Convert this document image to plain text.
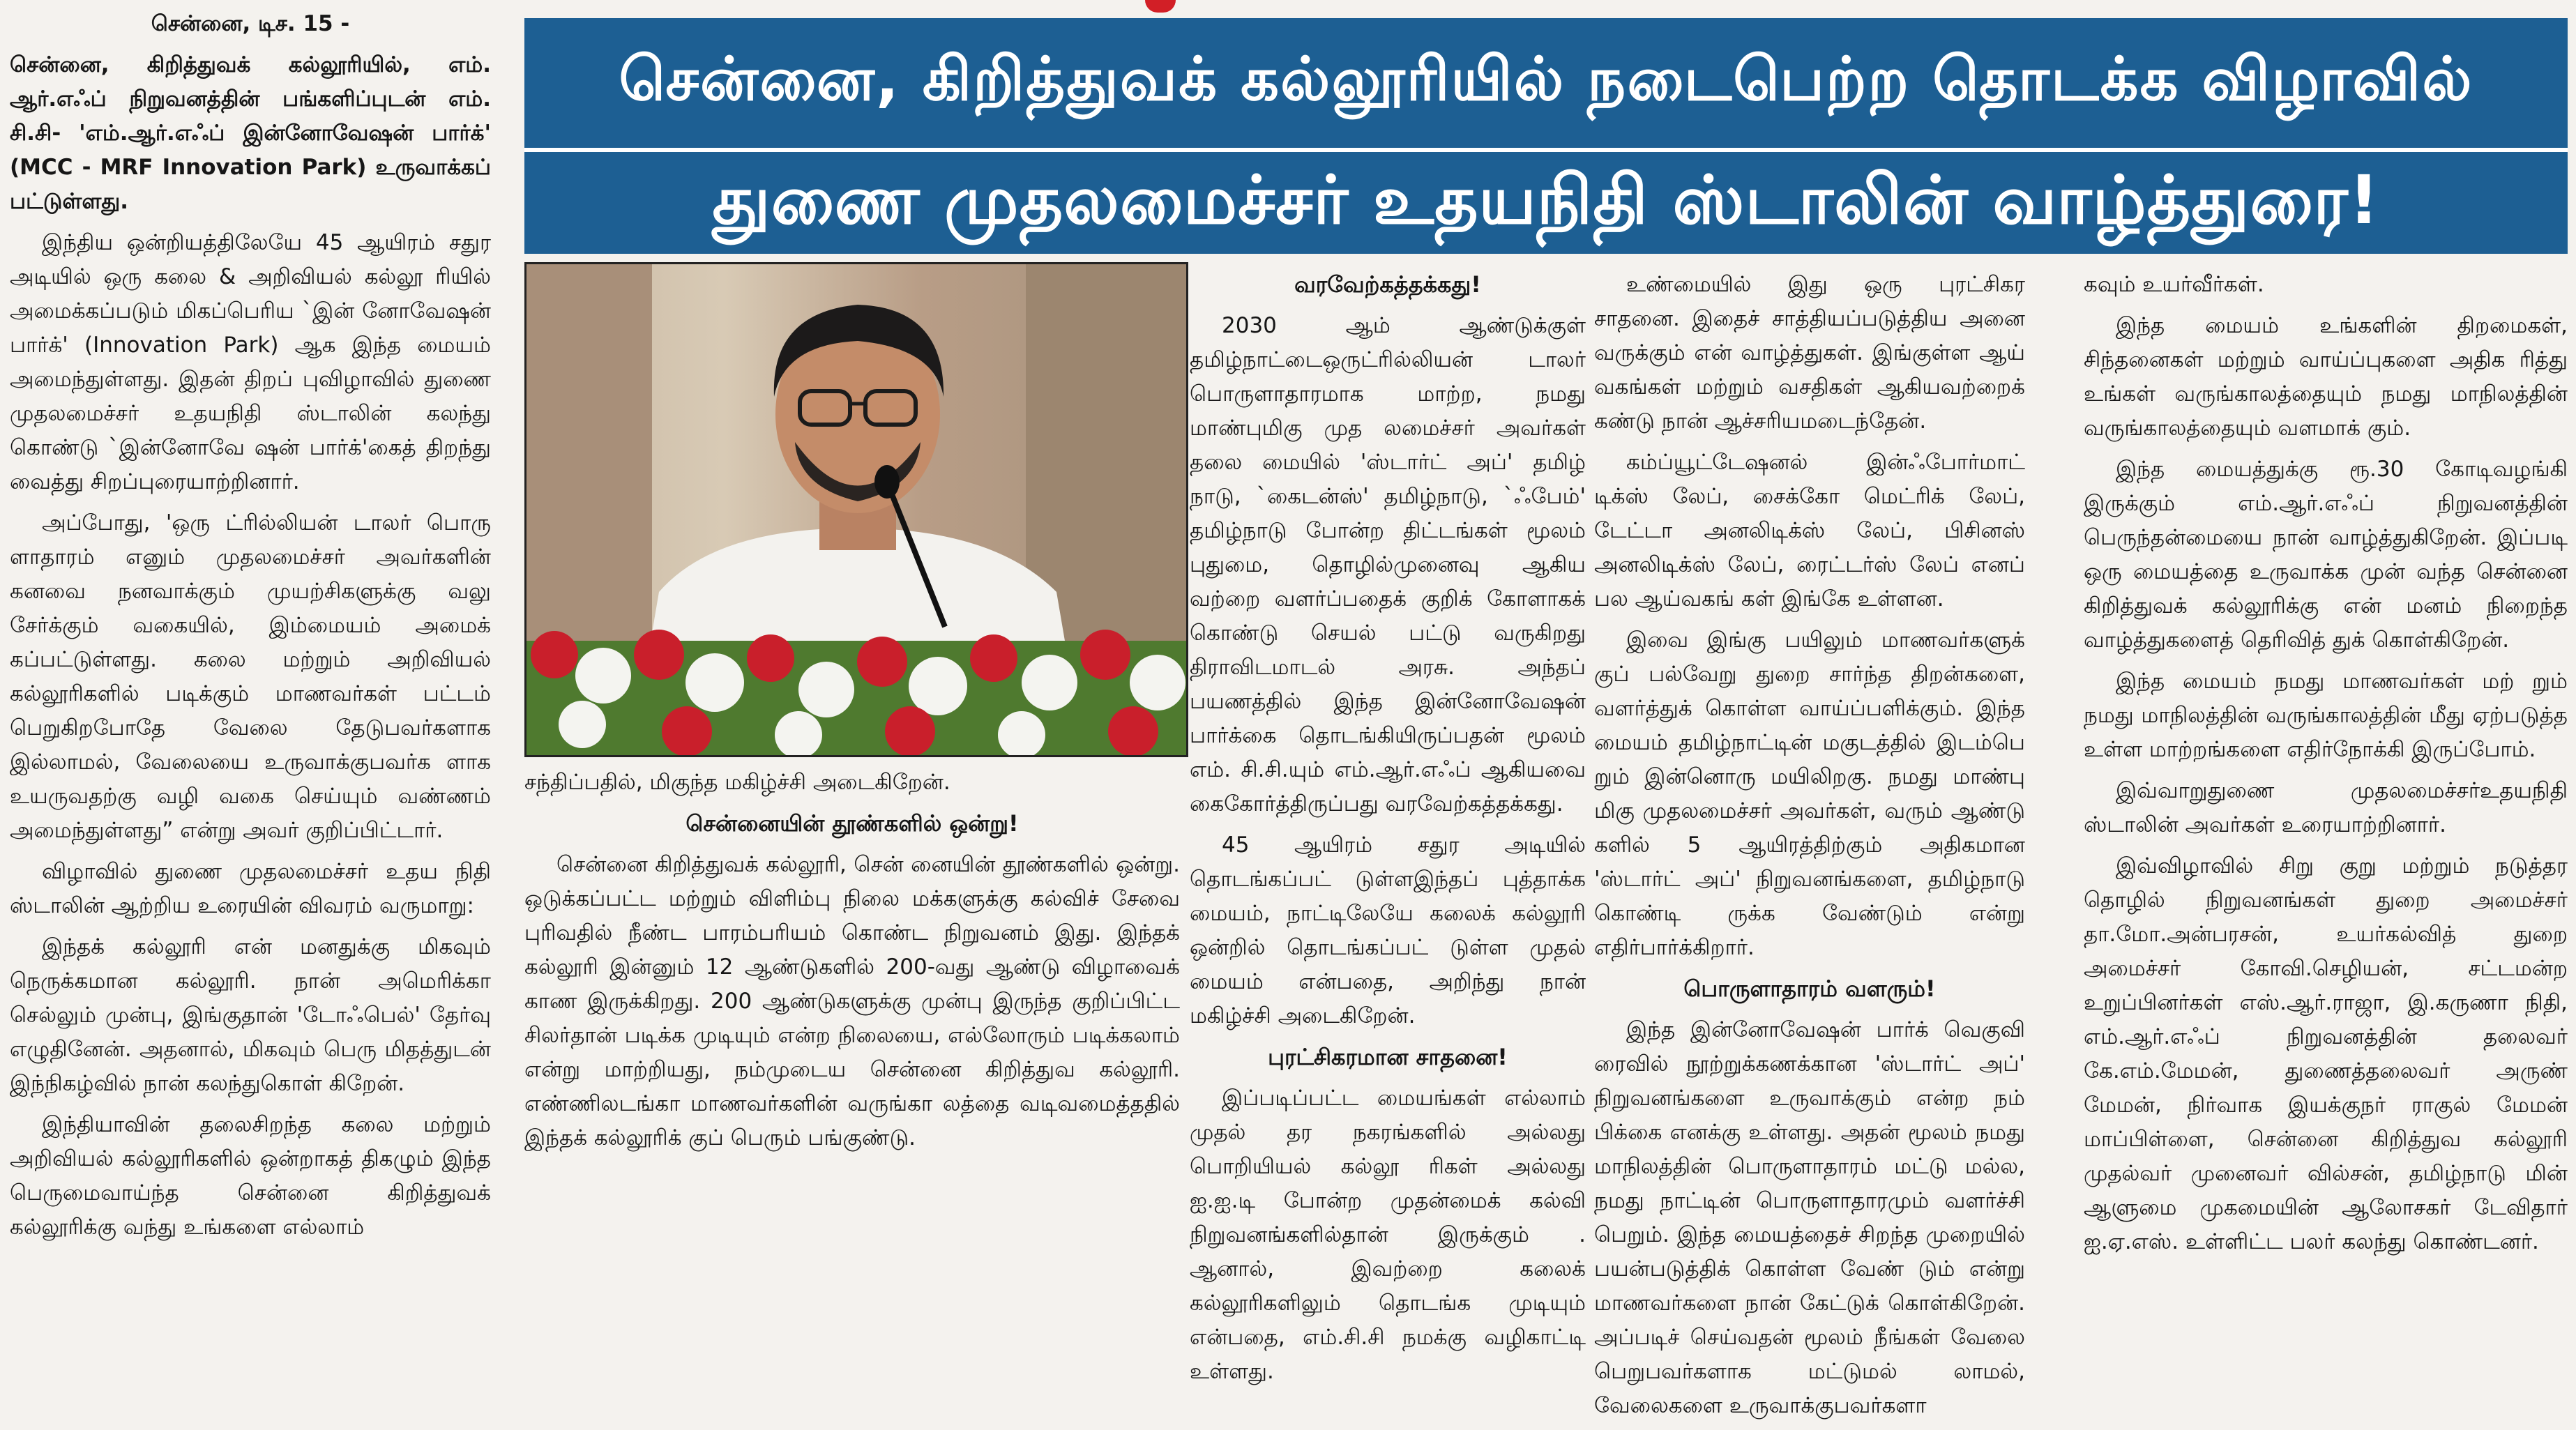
சென்னை, டிச. 15 -

சென்னை, கிறித்துவக் கல்லூரியில், எம். ஆர்.எஃப் நிறுவனத்தின் பங்களிப்புடன் எம். சி.சி- 'எம்.ஆர்.எஃப் இன்னோவேஷன் பார்க்' (MCC - MRF Innovation Park) உருவாக்கப் பட்டுள்ளது.

இந்திய ஒன்றியத்திலேயே 45 ஆயிரம் சதுர அடியில் ஒரு கலை & அறிவியல் கல்லூ ரியில் அமைக்கப்படும் மிகப்பெரிய `இன் னோவேஷன் பார்க்' (Innovation Park) ஆக இந்த மையம் அமைந்துள்ளது. இதன் திறப் புவிழாவில் துணை முதலமைச்சர் உதயநிதி ஸ்டாலின் கலந்து கொண்டு `இன்னோவே ஷன் பார்க்'கைத் திறந்து வைத்து சிறப்புரையாற்றினார்.

அப்போது, 'ஒரு ட்ரில்லியன் டாலர் பொரு ளாதாரம் எனும் முதலமைச்சர் அவர்களின் கனவை நனவாக்கும் முயற்சிகளுக்கு வலு சேர்க்கும் வகையில், இம்மையம் அமைக் கப்பட்டுள்ளது. கலை மற்றும் அறிவியல் கல்லூரிகளில் படிக்கும் மாணவர்கள் பட்டம் பெறுகிறபோதே வேலை தேடுபவர்களாக இல்லாமல், வேலையை உருவாக்குபவர்க ளாக உயருவதற்கு வழி வகை செய்யும் வண்ணம் அமைந்துள்ளது” என்று அவர் குறிப்பிட்டார்.

விழாவில் துணை முதலமைச்சர் உதய நிதி ஸ்டாலின் ஆற்றிய உரையின் விவரம் வருமாறு:

இந்தக் கல்லூரி என் மனதுக்கு மிகவும் நெருக்கமான கல்லூரி. நான் அமெரிக்கா செல்லும் முன்பு, இங்குதான் 'டோஃபெல்' தேர்வு எழுதினேன். அதனால், மிகவும் பெரு மிதத்துடன் இந்நிகழ்வில் நான் கலந்துகொள் கிறேன்.

இந்தியாவின் தலைசிறந்த கலை மற்றும் அறிவியல் கல்லூரிகளில் ஒன்றாகத் திகழும் இந்த பெருமைவாய்ந்த சென்னை கிறித்துவக் கல்லூரிக்கு வந்து உங்களை எல்லாம்

சென்னை, கிறித்துவக் கல்லூரியில் நடைபெற்ற தொடக்க விழாவில்
துணை முதலமைச்சர் உதயநிதி ஸ்டாலின் வாழ்த்துரை!

சந்திப்பதில், மிகுந்த மகிழ்ச்சி அடைகிறேன்.

சென்னையின் தூண்களில் ஒன்று!

சென்னை கிறித்துவக் கல்லூரி, சென் னையின் தூண்களில் ஒன்று. ஒடுக்கப்பட்ட மற்றும் விளிம்பு நிலை மக்களுக்கு கல்விச் சேவை புரிவதில் நீண்ட பாரம்பரியம் கொண்ட நிறுவனம் இது. இந்தக் கல்லூரி இன்னும் 12 ஆண்டுகளில் 200-வது ஆண்டு விழாவைக் காண இருக்கிறது. 200 ஆண்டுகளுக்கு முன்பு இருந்த குறிப்பிட்ட சிலர்தான் படிக்க முடியும் என்ற நிலையை, எல்லோரும் படிக்கலாம் என்று மாற்றியது, நம்முடைய சென்னை கிறித்துவ கல்லூரி. எண்ணிலடங்கா மாணவர்களின் வருங்கா லத்தை வடிவமைத்ததில் இந்தக் கல்லூரிக் குப் பெரும் பங்குண்டு.

வரவேற்கத்தக்கது!

2030 ஆம் ஆண்டுக்குள் தமிழ்நாட்டைஒருட்ரில்லியன் டாலர் பொருளாதாரமாக மாற்ற, நமது மாண்புமிகு முத லமைச்சர் அவர்கள் தலை மையில் 'ஸ்டார்ட் அப்' தமிழ் நாடு, `கைடன்ஸ்' தமிழ்நாடு, `ஃபேம்' தமிழ்நாடு போன்ற திட்டங்கள் மூலம் புதுமை, தொழில்முனைவு ஆகிய வற்றை வளர்ப்பதைக் குறிக் கோளாகக் கொண்டு செயல் பட்டு வருகிறது திராவிடமாடல் அரசு. அந்தப் பயணத்தில் இந்த இன்னோவேஷன் பார்க்கை தொடங்கியிருப்பதன் மூலம் எம். சி.சி.யும் எம்.ஆர்.எஃப் ஆகியவை கைகோர்த்திருப்பது வரவேற்கத்தக்கது.

45 ஆயிரம் சதுர அடியில் தொடங்கப்பட் டுள்ளஇந்தப் புத்தாக்க மையம், நாட்டிலேயே கலைக் கல்லூரி ஒன்றில் தொடங்கப்பட் டுள்ள முதல் மையம் என்பதை, அறிந்து நான் மகிழ்ச்சி அடைகிறேன்.

புரட்சிகரமான சாதனை!

இப்படிப்பட்ட மையங்கள் எல்லாம் முதல் தர நகரங்களில் அல்லது பொறியியல் கல்லூ ரிகள் அல்லது ஐ.ஐ.டி போன்ற முதன்மைக் கல்வி நிறுவனங்களில்தான் இருக்கும் . ஆனால், இவற்றை கலைக் கல்லூரிகளிலும் தொடங்க முடியும் என்பதை, எம்.சி.சி நமக்கு வழிகாட்டி உள்ளது.

உண்மையில் இது ஒரு புரட்சிகர சாதனை. இதைச் சாத்தியப்படுத்திய அனை வருக்கும் என் வாழ்த்துகள். இங்குள்ள ஆய் வகங்கள் மற்றும் வசதிகள் ஆகியவற்றைக் கண்டு நான் ஆச்சரியமடைந்தேன்.

கம்ப்யூட்டேஷனல் இன்ஃபோர்மாட் டிக்ஸ் லேப், சைக்கோ மெட்ரிக் லேப், டேட்டா அனலிடிக்ஸ் லேப், பிசினஸ் அனலிடிக்ஸ் லேப், ரைட்டர்ஸ் லேப் எனப் பல ஆய்வகங் கள் இங்கே உள்ளன.

இவை இங்கு பயிலும் மாணவர்களுக் குப் பல்வேறு துறை சார்ந்த திறன்களை, வளர்த்துக் கொள்ள வாய்ப்பளிக்கும். இந்த மையம் தமிழ்நாட்டின் மகுடத்தில் இடம்பெ றும் இன்னொரு மயிலிறகு. நமது மாண்பு மிகு முதலமைச்சர் அவர்கள், வரும் ஆண்டு களில் 5 ஆயிரத்திற்கும் அதிகமான 'ஸ்டார்ட் அப்' நிறுவனங்களை, தமிழ்நாடு கொண்டி ருக்க வேண்டும் என்று எதிர்பார்க்கிறார்.

பொருளாதாரம் வளரும்!

இந்த இன்னோவேஷன் பார்க் வெகுவி ரைவில் நூற்றுக்கணக்கான 'ஸ்டார்ட் அப்' நிறுவனங்களை உருவாக்கும் என்ற நம் பிக்கை எனக்கு உள்ளது. அதன் மூலம் நமது மாநிலத்தின் பொருளாதாரம் மட்டு மல்ல, நமது நாட்டின் பொருளாதாரமும் வளர்ச்சி பெறும். இந்த மையத்தைச் சிறந்த முறையில் பயன்படுத்திக் கொள்ள வேண் டும் என்று மாணவர்களை நான் கேட்டுக் கொள்கிறேன். அப்படிச் செய்வதன் மூலம் நீங்கள் வேலை பெறுபவர்களாக மட்டுமல் லாமல், வேலைகளை உருவாக்குபவர்களா

கவும் உயர்வீர்கள்.

இந்த மையம் உங்களின் திறமைகள், சிந்தனைகள் மற்றும் வாய்ப்புகளை அதிக ரித்து உங்கள் வருங்காலத்தையும் நமது மாநிலத்தின் வருங்காலத்தையும் வளமாக் கும்.

இந்த மையத்துக்கு ரூ.30 கோடிவழங்கி இருக்கும் எம்.ஆர்.எஃப் நிறுவனத்தின் பெருந்தன்மையை நான் வாழ்த்துகிறேன். இப்படி ஒரு மையத்தை உருவாக்க முன் வந்த சென்னை கிறித்துவக் கல்லூரிக்கு என் மனம் நிறைந்த வாழ்த்துகளைத் தெரிவித் துக் கொள்கிறேன்.

இந்த மையம் நமது மாணவர்கள் மற் றும் நமது மாநிலத்தின் வருங்காலத்தின் மீது ஏற்படுத்த உள்ள மாற்றங்களை எதிர்நோக்கி இருப்போம்.

இவ்வாறுதுணை முதலமைச்சர்உதயநிதி ஸ்டாலின் அவர்கள் உரையாற்றினார்.

இவ்விழாவில் சிறு குறு மற்றும் நடுத்தர தொழில் நிறுவனங்கள் துறை அமைச்சர் தா.மோ.அன்பரசன், உயர்கல்வித் துறை அமைச்சர் கோவி.செழியன், சட்டமன்ற உறுப்பினர்கள் எஸ்.ஆர்.ராஜா, இ.கருணா நிதி, எம்.ஆர்.எஃப் நிறுவனத்தின் தலைவர் கே.எம்.மேமன், துணைத்தலைவர் அருண் மேமன், நிர்வாக இயக்குநர் ராகுல் மேமன் மாப்பிள்ளை, சென்னை கிறித்துவ கல்லூரி முதல்வர் முனைவர் வில்சன், தமிழ்நாடு மின் ஆளுமை முகமையின் ஆலோசகர் டேவிதார் ஐ.ஏ.எஸ். உள்ளிட்ட பலர் கலந்து கொண்டனர்.
